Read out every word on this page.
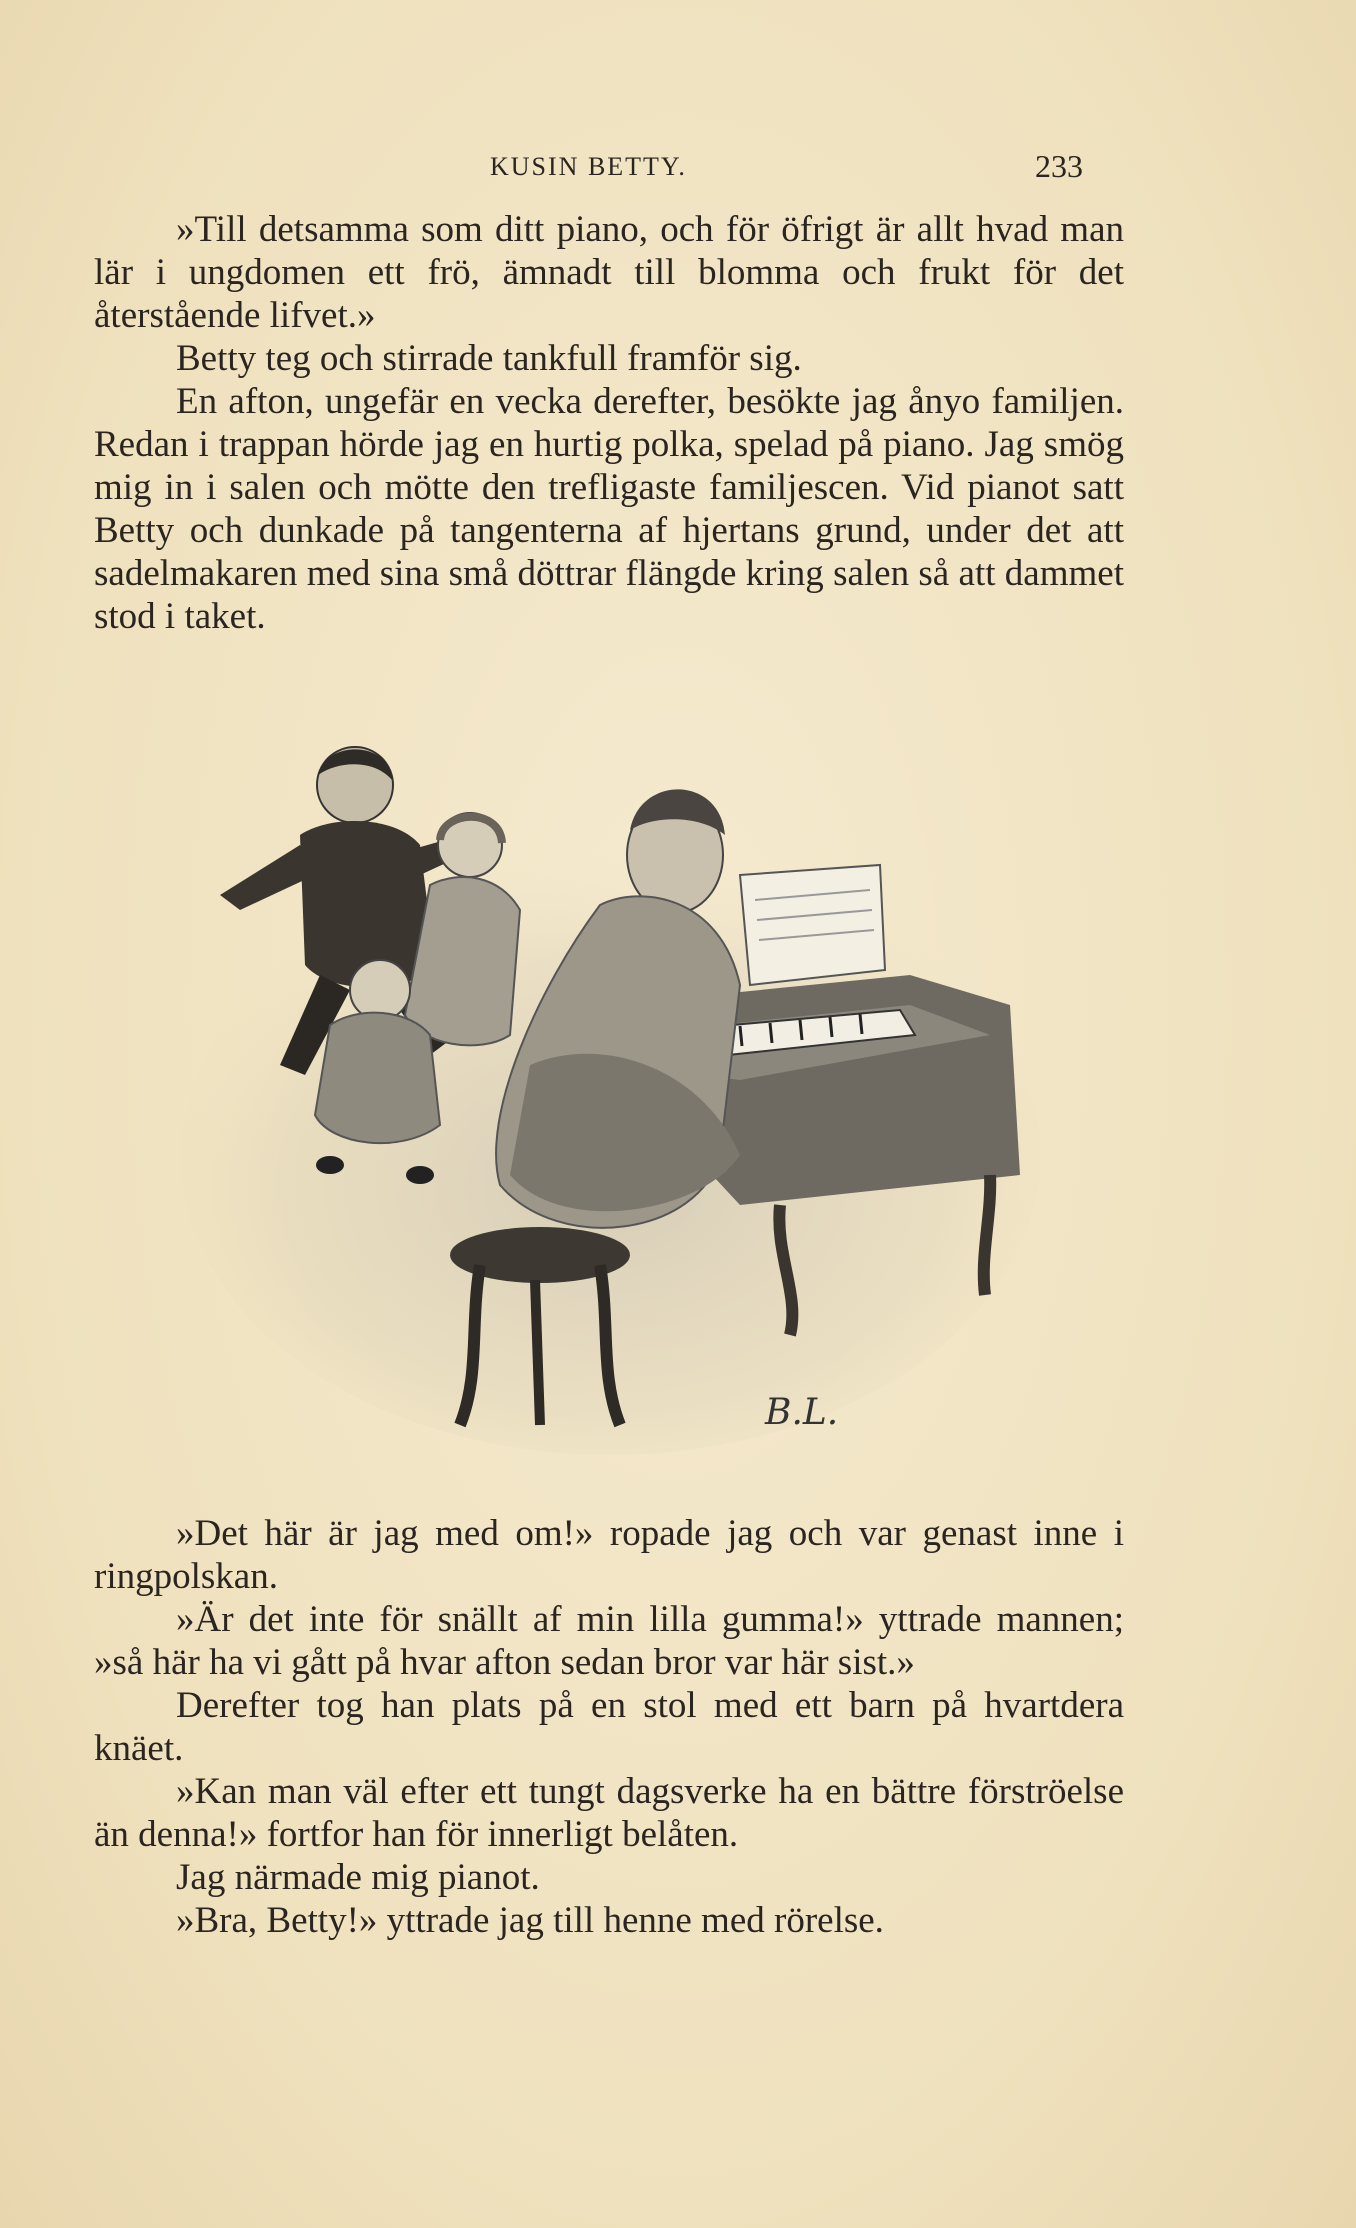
KUSIN BETTY.	233

»Till detsamma som ditt piano, och för öfrigt är allt hvad man lär i ungdomen ett frö, ämnadt till blomma och frukt för det återstående lifvet.»

Betty teg och stirrade tankfull framför sig.

En afton, ungefär en vecka derefter, besökte jag ånyo familjen. Redan i trappan hörde jag en hurtig polka, spelad på piano. Jag smög mig in i salen och mötte den trefligaste familjescen. Vid pianot satt Betty och dunkade på tangenterna af hjertans grund, under det att sadelmakaren med sina små döttrar flängde kring salen så att dammet stod i taket.

B.L.

»Det här är jag med om!» ropade jag och var genast inne i ringpolskan.

»Är det inte för snällt af min lilla gumma!» yttrade mannen; »så här ha vi gått på hvar afton sedan bror var här sist.»

Derefter tog han plats på en stol med ett barn på hvartdera knäet.

»Kan man väl efter ett tungt dagsverke ha en bättre förströelse än denna!» fortfor han för innerligt belåten.

Jag närmade mig pianot.

»Bra, Betty!» yttrade jag till henne med rörelse.
